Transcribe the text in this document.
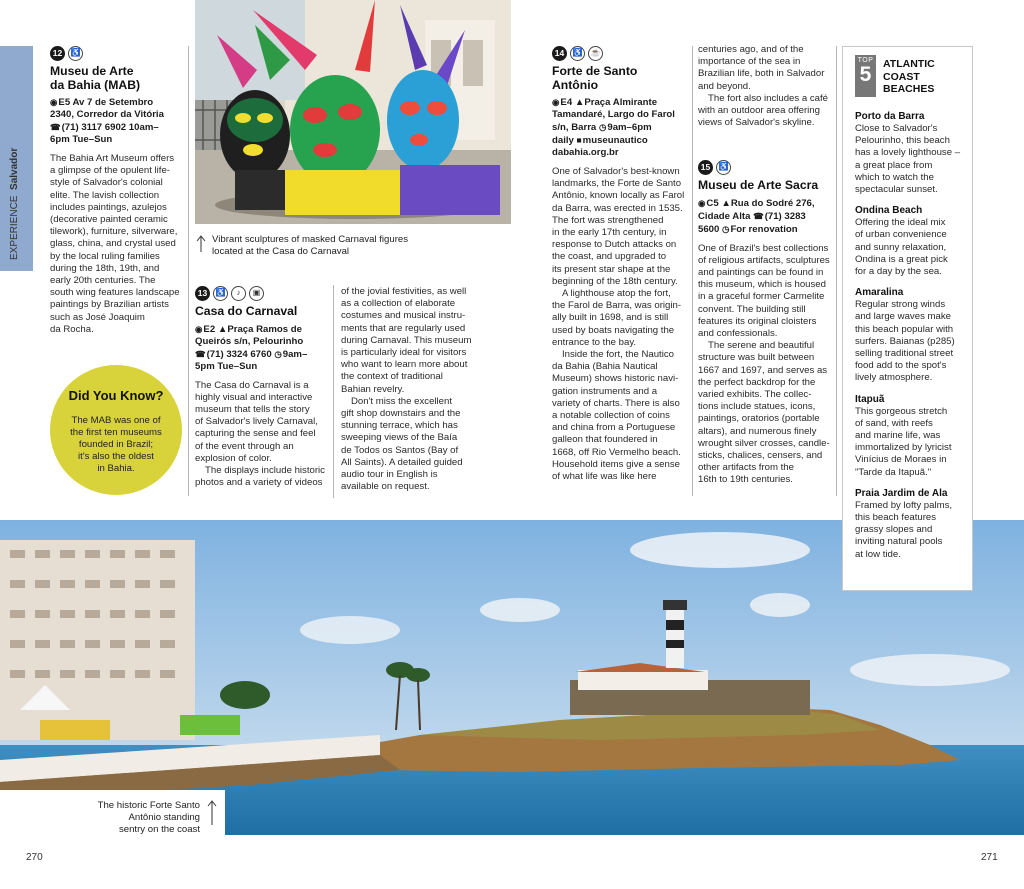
EXPERIENCE  Salvador
12	♿
Museu de Arte
da Bahia (MAB)
◉E5 Av 7 de Setembro
2340, Corredor da Vitória
☎(71) 3117 6902 10am–
6pm Tue–Sun
The Bahia Art Museum offers
a glimpse of the opulent life-
style of Salvador's colonial
elite. The lavish collection
includes paintings, azulejos
(decorative painted ceramic
tilework), furniture, silverware,
glass, china, and crystal used
by the local ruling families
during the 18th, 19th, and
early 20th centuries. The
south wing features landscape
paintings by Brazilian artists
such as José Joaquim
da Rocha.
Did You Know?
The MAB was one of
the first ten museums
founded in Brazil;
it's also the oldest
in Bahia.
Vibrant sculptures of masked Carnaval figures
located at the Casa do Carnaval
13	♿	♪	▣
Casa do Carnaval
◉E2 ▲Praça Ramos de
Queirós s/n, Pelourinho
☎(71) 3324 6760 ◷9am–
5pm Tue–Sun
The Casa do Carnaval is a
highly visual and interactive
museum that tells the story
of Salvador's lively Carnaval,
capturing the sense and feel
of the event through an
explosion of color.
The displays include historic
photos and a variety of videos
of the jovial festivities, as well
as a collection of elaborate
costumes and musical instru-
ments that are regularly used
during Carnaval. This museum
is particularly ideal for visitors
who want to learn more about
the context of traditional
Bahian revelry.
Don't miss the excellent
gift shop downstairs and the
stunning terrace, which has
sweeping views of the Baía
de Todos os Santos (Bay of
All Saints). A detailed guided
audio tour in English is
available on request.
14	♿	☕
Forte de Santo
Antônio
◉E4 ▲Praça Almirante
Tamandaré, Largo do Farol
s/n, Barra ◷9am–6pm
daily ■museunautico
dabahia.org.br
One of Salvador's best-known
landmarks, the Forte de Santo
Antônio, known locally as Farol
da Barra, was erected in 1535.
The fort was strengthened
in the early 17th century, in
response to Dutch attacks on
the coast, and upgraded to
its present star shape at the
beginning of the 18th century.
A lighthouse atop the fort,
the Farol de Barra, was origin-
ally built in 1698, and is still
used by boats navigating the
entrance to the bay.
Inside the fort, the Nautico
da Bahia (Bahia Nautical
Museum) shows historic navi-
gation instruments and a
variety of charts. There is also
a notable collection of coins
and china from a Portuguese
galleon that foundered in
1668, off Rio Vermelho beach.
Household items give a sense
of what life was like here
centuries ago, and of the
importance of the sea in
Brazilian life, both in Salvador
and beyond.
The fort also includes a café
with an outdoor area offering
views of Salvador's skyline.
15	♿
Museu de Arte Sacra
◉C5 ▲Rua do Sodré 276,
Cidade Alta ☎(71) 3283
5600 ◷For renovation
One of Brazil's best collections
of religious artifacts, sculptures
and paintings can be found in
this museum, which is housed
in a graceful former Carmelite
convent. The building still
features its original cloisters
and confessionals.
The serene and beautiful
structure was built between
1667 and 1697, and serves as
the perfect backdrop for the
varied exhibits. The collec-
tions include statues, icons,
paintings, oratorios (portable
altars), and numerous finely
wrought silver crosses, candle-
sticks, chalices, censers, and
other artifacts from the
16th to 19th centuries.
The historic Forte Santo
Antônio standing
sentry on the coast
TOP
5 ATLANTIC
COAST
BEACHES
Porto da Barra
Close to Salvador's
Pelourinho, this beach
has a lovely lighthouse –
a great place from
which to watch the
spectacular sunset.
Ondina Beach
Offering the ideal mix
of urban convenience
and sunny relaxation,
Ondina is a great pick
for a day by the sea.
Amaralina
Regular strong winds
and large waves make
this beach popular with
surfers. Baianas (p285)
selling traditional street
food add to the spot's
lively atmosphere.
Itapuã
This gorgeous stretch
of sand, with reefs
and marine life, was
immortalized by lyricist
Vinícius de Moraes in
"Tarde da Itapuã."
Praia Jardim de Ala
Framed by lofty palms,
this beach features
grassy slopes and
inviting natural pools
at low tide.
270	271
